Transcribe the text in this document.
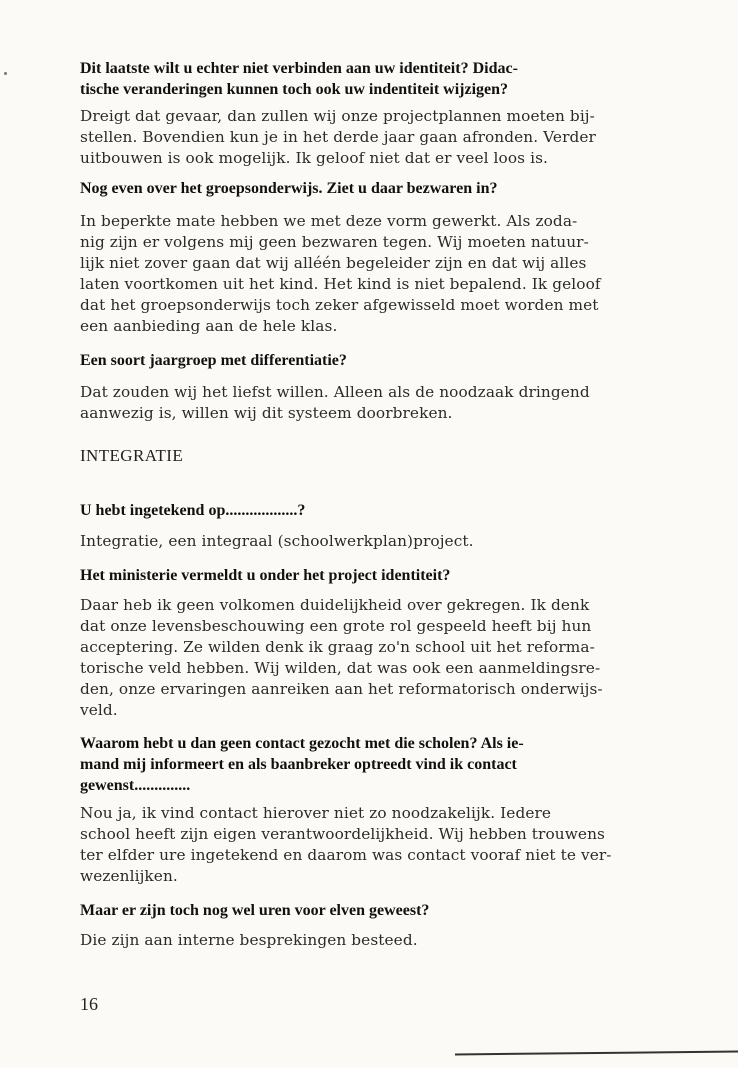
Dit laatste wilt u echter niet verbinden aan uw identiteit? Didac-
tische veranderingen kunnen toch ook uw indentiteit wijzigen?
Dreigt dat gevaar, dan zullen wij onze projectplannen moeten bij-
stellen. Bovendien kun je in het derde jaar gaan afronden. Verder
uitbouwen is ook mogelijk. Ik geloof niet dat er veel loos is.
Nog even over het groepsonderwijs. Ziet u daar bezwaren in?
In beperkte mate hebben we met deze vorm gewerkt. Als zoda-
nig zijn er volgens mij geen bezwaren tegen. Wij moeten natuur-
lijk niet zover gaan dat wij alléén begeleider zijn en dat wij alles
laten voortkomen uit het kind. Het kind is niet bepalend. Ik geloof
dat het groepsonderwijs toch zeker afgewisseld moet worden met
een aanbieding aan de hele klas.
Een soort jaargroep met differentiatie?
Dat zouden wij het liefst willen. Alleen als de noodzaak dringend
aanwezig is, willen wij dit systeem doorbreken.
INTEGRATIE
U hebt ingetekend op..................?
Integratie, een integraal (schoolwerkplan)project.
Het ministerie vermeldt u onder het project identiteit?
Daar heb ik geen volkomen duidelijkheid over gekregen. Ik denk
dat onze levensbeschouwing een grote rol gespeeld heeft bij hun
acceptering. Ze wilden denk ik graag zo'n school uit het reforma-
torische veld hebben. Wij wilden, dat was ook een aanmeldingsre-
den, onze ervaringen aanreiken aan het reformatorisch onderwijs-
veld.
Waarom hebt u dan geen contact gezocht met die scholen? Als ie-
mand mij informeert en als baanbreker optreedt vind ik contact
gewenst..............
Nou ja, ik vind contact hierover niet zo noodzakelijk. Iedere
school heeft zijn eigen verantwoordelijkheid. Wij hebben trouwens
ter elfder ure ingetekend en daarom was contact vooraf niet te ver-
wezenlijken.
Maar er zijn toch nog wel uren voor elven geweest?
Die zijn aan interne besprekingen besteed.
16
